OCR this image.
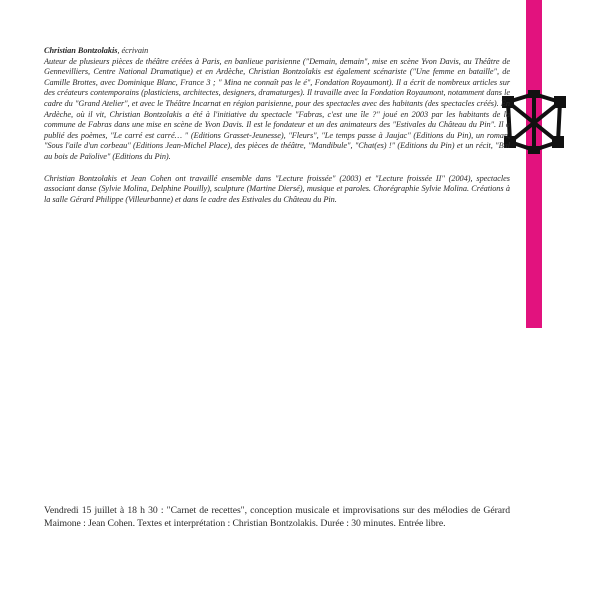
Christian Bontzolakis, écrivain
Auteur de plusieurs pièces de théâtre créées à Paris, en banlieue parisienne ("Demain, demain", mise en scène Yvon Davis, au Théâtre de Gennevilliers, Centre National Dramatique) et en Ardèche, Christian Bontzolakis est également scénariste ("Une femme en bataille", de Camille Brottes, avec Dominique Blanc, France 3 ; " Mina ne connaît pas le é", Fondation Royaumont). Il a écrit de nombreux articles sur des créateurs contemporains (plasticiens, architectes, designers, dramaturges). Il travaille avec la Fondation Royaumont, notamment dans le cadre du "Grand Atelier", et avec le Théâtre Incarnat en région parisienne, pour des spectacles avec des habitants (des spectacles créés). En Ardèche, où il vit, Christian Bontzolakis a été à l'initiative du spectacle "Fabras, c'est une île ?" joué en 2003 par les habitants de la commune de Fabras dans une mise en scène de Yvon Davis. Il est le fondateur et un des animateurs des "Estivales du Château du Pin". Il a publié des poèmes, "Le carré est carré… " (Editions Grasset-Jeunesse), "Fleurs", "Le temps passe à Jaujac" (Editions du Pin), un roman, "Sous l'aile d'un corbeau" (Editions Jean-Michel Place), des pièces de théâtre, "Mandibule", "Chat(es) !" (Editions du Pin) et un récit, "Bal au bois de Païolive" (Editions du Pin).

Christian Bontzolakis et Jean Cohen ont travaillé ensemble dans "Lecture froissée" (2003) et "Lecture froissée II" (2004), spectacles associant danse (Sylvie Molina, Delphine Pouilly), sculpture (Martine Diersé), musique et paroles. Chorégraphie Sylvie Molina. Créations à la salle Gérard Philippe (Villeurbanne) et dans le cadre des Estivales du Château du Pin.

Vendredi 15 juillet à 18 h 30 : "Carnet de recettes", conception musicale et improvisations sur des mélodies de Gérard Maimone : Jean Cohen. Textes et interprétation : Christian Bontzolakis. Durée : 30 minutes. Entrée libre.
